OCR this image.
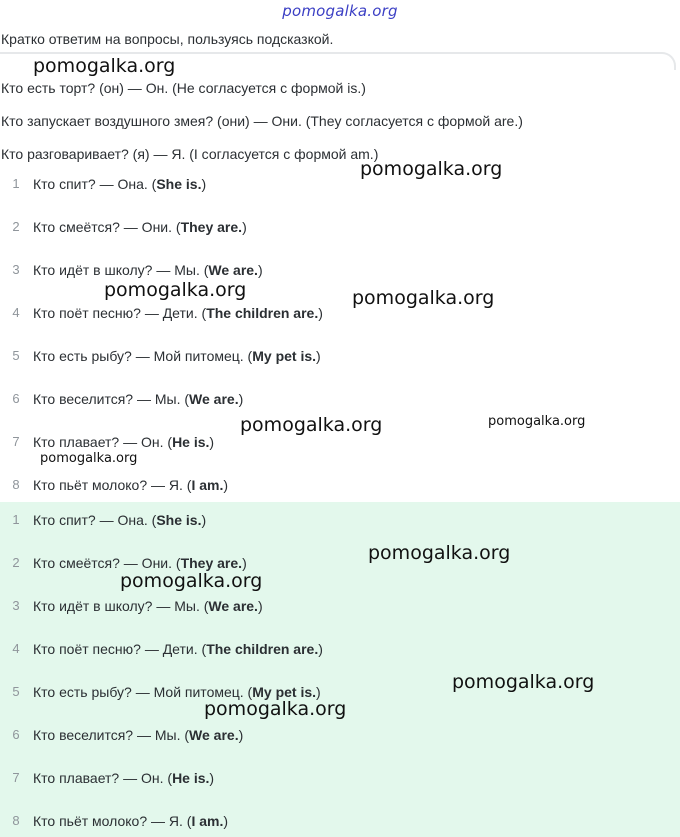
pomogalka.org
Кратко ответим на вопросы, пользуясь подсказкой.
Кто есть торт? (он) — Он. (Не согласуется с формой is.)
Кто запускает воздушного змея? (они) — Они. (They согласуется с формой are.)
Кто разговаривает? (я) — Я. (I согласуется с формой am.)
1 Кто спит? — Она. (She is.)
2 Кто смеётся? — Они. (They are.)
3 Кто идёт в школу? — Мы. (We are.)
4 Кто поёт песню? — Дети. (The children are.)
5 Кто есть рыбу? — Мой питомец. (My pet is.)
6 Кто веселится? — Мы. (We are.)
7 Кто плавает? — Он. (He is.)
8 Кто пьёт молоко? — Я. (I am.)
1 Кто спит? — Она. (She is.)
2 Кто смеётся? — Они. (They are.)
3 Кто идёт в школу? — Мы. (We are.)
4 Кто поёт песню? — Дети. (The children are.)
5 Кто есть рыбу? — Мой питомец. (My pet is.)
6 Кто веселится? — Мы. (We are.)
7 Кто плавает? — Он. (He is.)
8 Кто пьёт молоко? — Я. (I am.)
pomogalka.org
pomogalka.org
pomogalka.org	pomogalka.org
pomogalka.org	pomogalka.org
pomogalka.org
pomogalka.org
pomogalka.org
pomogalka.org
pomogalka.org
